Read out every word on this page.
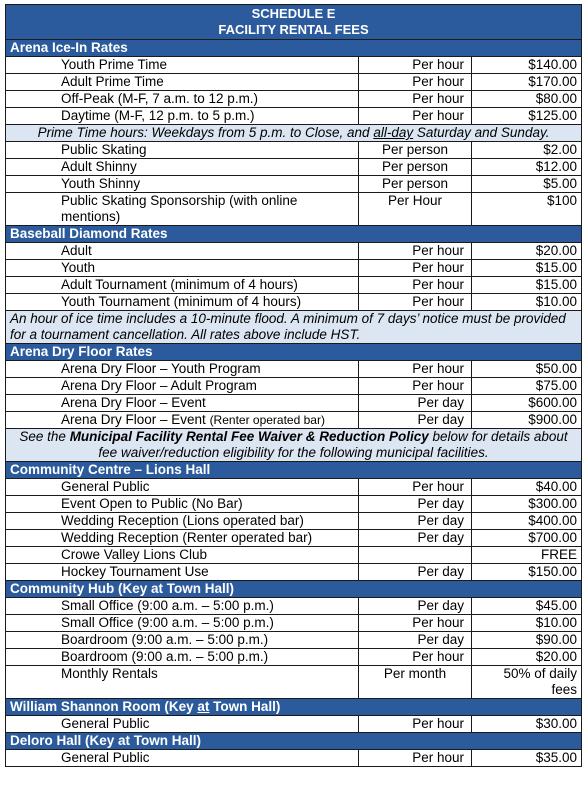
SCHEDULE E
FACILITY RENTAL FEES		
Arena Ice-In Rates		
Youth Prime Time	Per hour	$140.00
Adult Prime Time	Per hour	$170.00
Off-Peak (M-F, 7 a.m. to 12 p.m.)	Per hour	$80.00
Daytime (M-F, 12 p.m. to 5 p.m.)	Per hour	$125.00
Prime Time hours: Weekdays from 5 p.m. to Close, and all-day Saturday and Sunday.		
Public Skating	Per person	$2.00
Adult Shinny	Per person	$12.00
Youth Shinny	Per person	$5.00
Public Skating Sponsorship (with online mentions)	Per Hour	$100
Baseball Diamond Rates		
Adult	Per hour	$20.00
Youth	Per hour	$15.00
Adult Tournament (minimum of 4 hours)	Per hour	$15.00
Youth Tournament (minimum of 4 hours)	Per hour	$10.00
An hour of ice time includes a 10-minute flood. A minimum of 7 days’ notice must be provided for a tournament cancellation. All rates above include HST.		
Arena Dry Floor Rates		
Arena Dry Floor – Youth Program	Per hour	$50.00
Arena Dry Floor – Adult Program	Per hour	$75.00
Arena Dry Floor – Event	Per day	$600.00
Arena Dry Floor – Event (Renter operated bar)	Per day	$900.00
See the Municipal Facility Rental Fee Waiver & Reduction Policy below for details about fee waiver/reduction eligibility for the following municipal facilities.		
Community Centre – Lions Hall		
General Public	Per hour	$40.00
Event Open to Public (No Bar)	Per day	$300.00
Wedding Reception (Lions operated bar)	Per day	$400.00
Wedding Reception (Renter operated bar)	Per day	$700.00
Crowe Valley Lions Club		FREE
Hockey Tournament Use	Per day	$150.00
Community Hub (Key at Town Hall)		
Small Office (9:00 a.m. – 5:00 p.m.)	Per day	$45.00
Small Office (9:00 a.m. – 5:00 p.m.)	Per hour	$10.00
Boardroom (9:00 a.m. – 5:00 p.m.)	Per day	$90.00
Boardroom (9:00 a.m. – 5:00 p.m.)	Per hour	$20.00
Monthly Rentals	Per month	50% of daily fees
William Shannon Room (Key at Town Hall)		
General Public	Per hour	$30.00
Deloro Hall (Key at Town Hall)		
General Public	Per hour	$35.00
